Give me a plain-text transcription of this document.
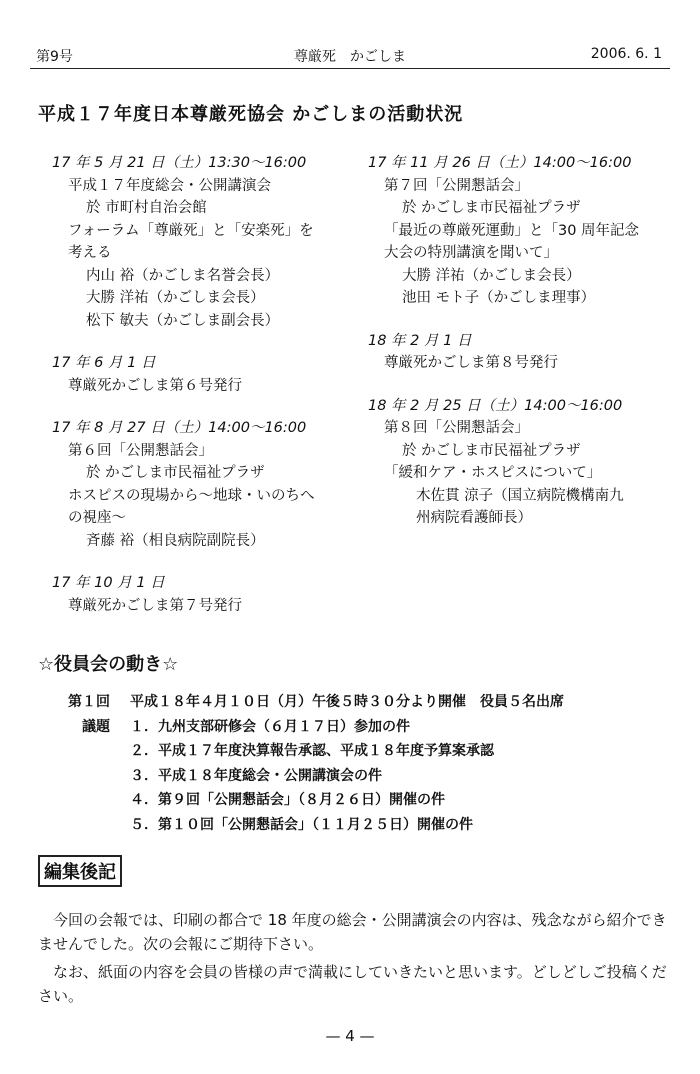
第9号	尊厳死　かごしま	2006. 6. 1
平成１７年度日本尊厳死協会 かごしまの活動状況
17 年 5 月 21 日（土）13:30〜16:00
平成１７年度総会・公開講演会
於 市町村自治会館
フォーラム「尊厳死」と「安楽死」を
考える
内山 裕（かごしま名誉会長）
大勝 洋祐（かごしま会長）
松下 敏夫（かごしま副会長）
17 年 6 月 1 日
尊厳死かごしま第６号発行
17 年 8 月 27 日（土）14:00〜16:00
第６回「公開懇話会」
於 かごしま市民福祉プラザ
ホスピスの現場から〜地球・いのちへ
の視座〜
斉藤 裕（相良病院副院長）
17 年 10 月 1 日
尊厳死かごしま第７号発行
17 年 11 月 26 日（土）14:00〜16:00
第７回「公開懇話会」
於 かごしま市民福祉プラザ
「最近の尊厳死運動」と「30 周年記念
大会の特別講演を聞いて」
大勝 洋祐（かごしま会長）
池田 モト子（かごしま理事）
18 年 2 月 1 日
尊厳死かごしま第８号発行
18 年 2 月 25 日（土）14:00〜16:00
第８回「公開懇話会」
於 かごしま市民福祉プラザ
「緩和ケア・ホスピスについて」
木佐貫 涼子（国立病院機構南九
州病院看護師長）
☆役員会の動き☆
第１回 平成１８年４月１０日（月）午後５時３０分より開催　役員５名出席
議題 １．九州支部研修会（６月１７日）参加の件
２．平成１７年度決算報告承認、平成１８年度予算案承認
３．平成１８年度総会・公開講演会の件
４．第９回「公開懇話会」（８月２６日）開催の件
５．第１０回「公開懇話会」（１１月２５日）開催の件
編集後記
　今回の会報では、印刷の都合で 18 年度の総会・公開講演会の内容は、残念ながら紹介できませんでした。次の会報にご期待下さい。
　なお、紙面の内容を会員の皆様の声で満載にしていきたいと思います。どしどしご投稿ください。
— 4 —
